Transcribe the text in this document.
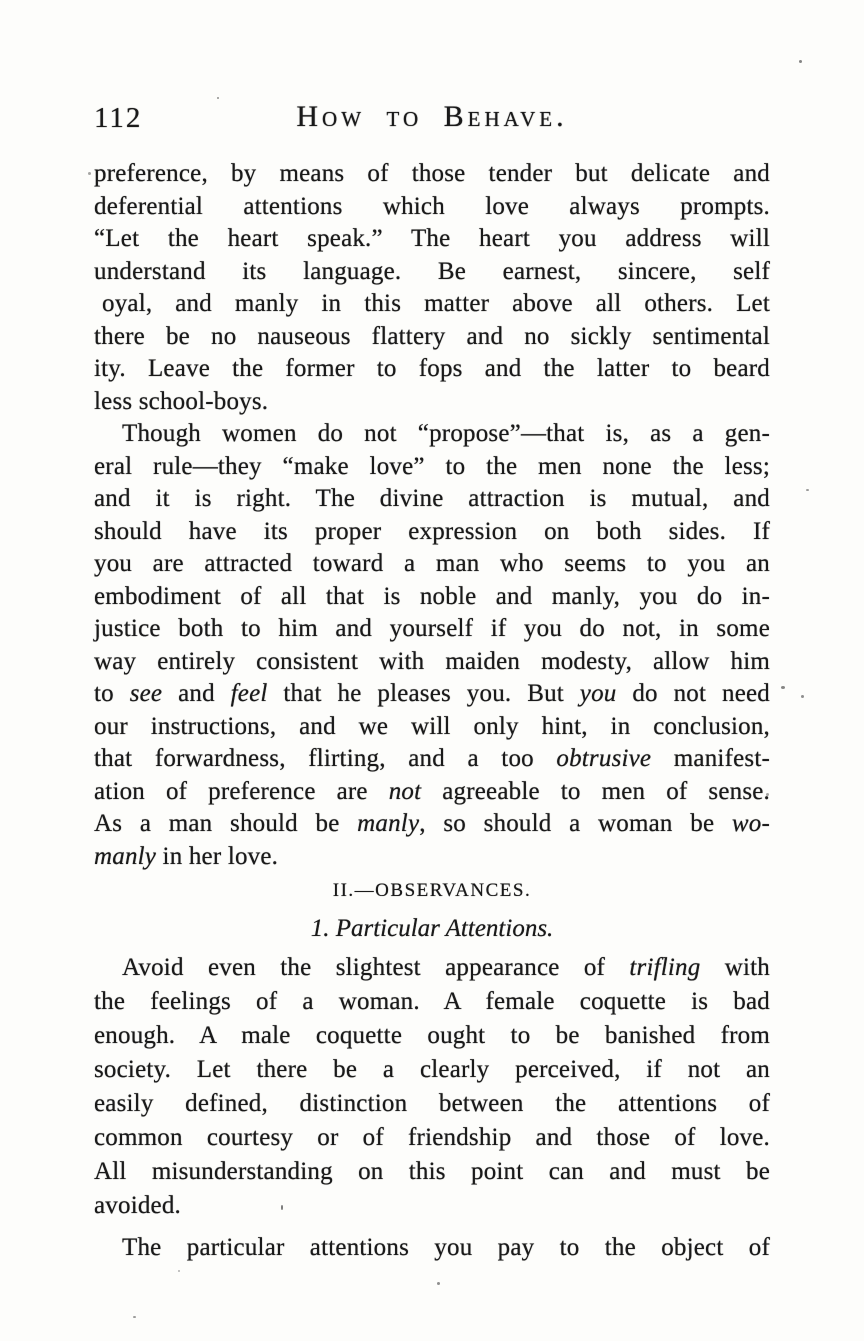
112	How to Behave.
preference, by means of those tender but delicate and
deferential attentions which love always prompts.
“Let the heart speak.” The heart you address will
understand its language. Be earnest, sincere, self
oyal, and manly in this matter above all others. Let
there be no nauseous flattery and no sickly sentimental
ity. Leave the former to fops and the latter to beard
less school-boys.
Though women do not “propose”—that is, as a gen-
eral rule—they “make love” to the men none the less;
and it is right. The divine attraction is mutual, and
should have its proper expression on both sides. If
you are attracted toward a man who seems to you an
embodiment of all that is noble and manly, you do in-
justice both to him and yourself if you do not, in some
way entirely consistent with maiden modesty, allow him
to see and feel that he pleases you. But you do not need
our instructions, and we will only hint, in conclusion,
that forwardness, flirting, and a too obtrusive manifest-
ation of preference are not agreeable to men of sense.
As a man should be manly, so should a woman be wo-
manly in her love.
II.—OBSERVANCES.
1. Particular Attentions.
Avoid even the slightest appearance of trifling with
the feelings of a woman. A female coquette is bad
enough. A male coquette ought to be banished from
society. Let there be a clearly perceived, if not an
easily defined, distinction between the attentions of
common courtesy or of friendship and those of love.
All misunderstanding on this point can and must be
avoided.
The particular attentions you pay to the object of
